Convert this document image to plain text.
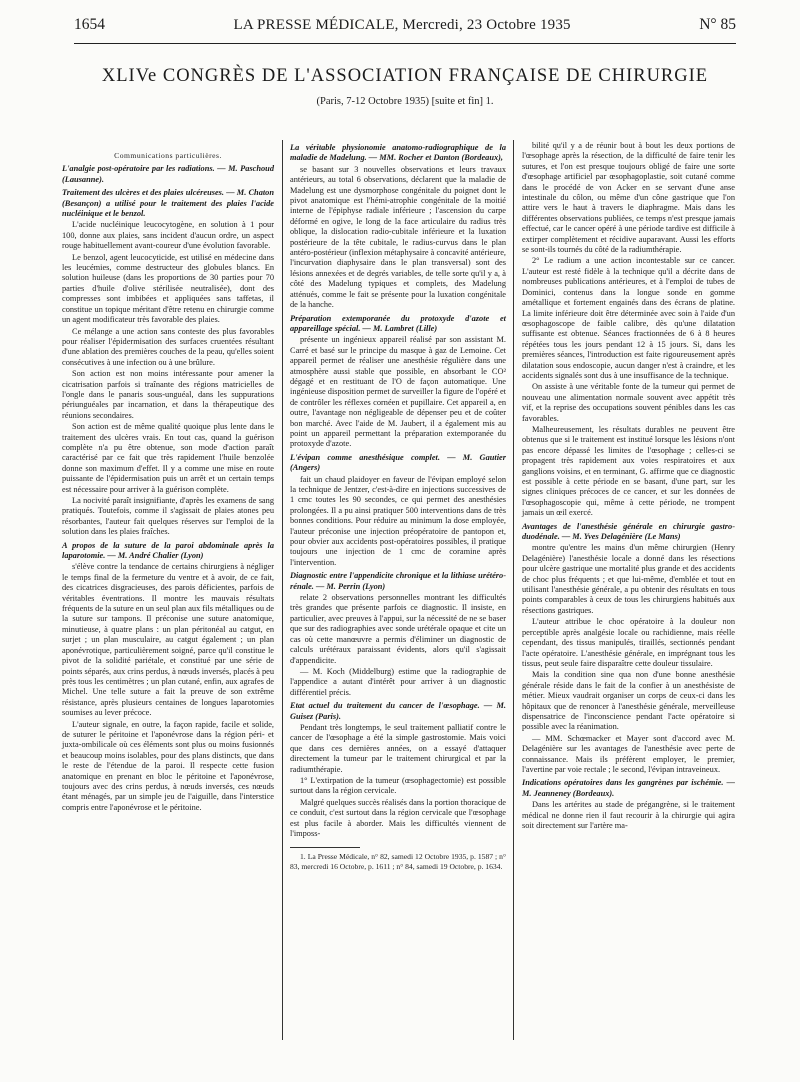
1654	LA PRESSE MÉDICALE, Mercredi, 23 Octobre 1935	N° 85
XLIVe CONGRÈS DE L'ASSOCIATION FRANÇAISE DE CHIRURGIE
(Paris, 7-12 Octobre 1935) [suite et fin] 1.

Communications particulières.

L'analgie post-opératoire par les radiations. — M. Paschoud (Lausanne).

Traitement des ulcères et des plaies ulcéreuses. — M. Chaton (Besançon) a utilisé pour le traitement des plaies l'acide nucléinique et le benzol.

L'acide nucléinique leucocytogène, en solution à 1 pour 100, donne aux plaies, sans incident d'aucun ordre, un aspect rouge habituellement avant-coureur d'une évolution favorable.

Le benzol, agent leucocyticide, est utilisé en médecine dans les leucémies, comme destructeur des globules blancs. En solution huileuse (dans les proportions de 30 parties pour 70 parties d'huile d'olive stérilisée neutralisée), dont des compresses sont imbibées et appliquées sans taffetas, il constitue un topique méritant d'être retenu en chirurgie comme un agent modificateur très favorable des plaies.

Ce mélange a une action sans conteste des plus favorables pour réaliser l'épidermisation des surfaces cruentées résultant d'une ablation des premières couches de la peau, qu'elles soient consécutives à une infection ou à une brûlure.

Son action est non moins intéressante pour amener la cicatrisation parfois si traînante des régions matricielles de l'ongle dans le panaris sous-unguéal, dans les suppurations périunguéales par incarnation, et dans la thérapeutique des réunions secondaires.

Son action est de même qualité quoique plus lente dans le traitement des ulcères vrais. En tout cas, quand la guérison complète n'a pu être obtenue, son mode d'action paraît caractérisé par ce fait que très rapidement l'huile benzolée donne son maximum d'effet. Il y a comme une mise en route puissante de l'épidermisation puis un arrêt et un certain temps est nécessaire pour arriver à la guérison complète.

La nocivité paraît insignifiante, d'après les examens de sang pratiqués. Toutefois, comme il s'agissait de plaies atones peu résorbantes, l'auteur fait quelques réserves sur l'emploi de la solution dans les plaies fraîches.

A propos de la suture de la paroi abdominale après la laparotomie. — M. André Chalier (Lyon)

s'élève contre la tendance de certains chirurgiens à négliger le temps final de la fermeture du ventre et à avoir, de ce fait, des cicatrices disgracieuses, des parois déficientes, parfois de véritables éventrations. Il montre les mauvais résultats fréquents de la suture en un seul plan aux fils métalliques ou de la suture sur tampons. Il préconise une suture anatomique, minutieuse, à quatre plans : un plan péritonéal au catgut, en surjet ; un plan musculaire, au catgut également ; un plan aponévrotique, particulièrement soigné, parce qu'il constitue le pivot de la solidité pariétale, et constitué par une série de points séparés, aux crins perdus, à nœuds inversés, placés à peu près tous les centimètres ; un plan cutané, enfin, aux agrafes de Michel. Une telle suture a fait la preuve de son extrême résistance, après plusieurs centaines de longues laparotomies soumises au lever précoce.

L'auteur signale, en outre, la façon rapide, facile et solide, de suturer le péritoine et l'aponévrose dans la région péri- et juxta-ombilicale où ces éléments sont plus ou moins fusionnés et beaucoup moins isolables, pour des plans distincts, que dans le reste de l'étendue de la paroi. Il respecte cette fusion anatomique en prenant en bloc le péritoine et l'aponévrose, toujours avec des crins perdus, à nœuds inversés, ces nœuds étant ménagés, par un simple jeu de l'aiguille, dans l'interstice compris entre l'aponévrose et le péritoine.

La véritable physionomie anatomo-radiographique de la maladie de Madelung. — MM. Rocher et Danton (Bordeaux),

se basant sur 3 nouvelles observations et leurs travaux antérieurs, au total 6 observations, déclarent que la maladie de Madelung est une dysmorphose congénitale du poignet dont le pivot anatomique est l'hémi-atrophie congénitale de la moitié interne de l'épiphyse radiale inférieure ; l'ascension du carpe déformé en ogive, le long de la face articulaire du radius très oblique, la dislocation radio-cubitale inférieure et la luxation postérieure de la tête cubitale, le radius-curvus dans le plan antéro-postérieur (inflexion métaphysaire à concavité antérieure, l'incurvation diaphysaire dans le plan transversal) sont des lésions annexées et de degrés variables, de telle sorte qu'il y a, à côté des Madelung typiques et complets, des Madelung atténués, comme le fait se présente pour la luxation congénitale de la hanche.

Préparation extemporanée du protoxyde d'azote et appareillage spécial. — M. Lambret (Lille)

présente un ingénieux appareil réalisé par son assistant M. Carré et basé sur le principe du masque à gaz de Lemoine. Cet appareil permet de réaliser une anesthésie régulière dans une atmosphère aussi stable que possible, en absorbant le CO² dégagé et en restituant de l'O de façon automatique. Une ingénieuse disposition permet de surveiller la figure de l'opéré et de contrôler les réflexes cornéen et pupillaire. Cet appareil a, en outre, l'avantage non négligeable de dépenser peu et de coûter bon marché. Avec l'aide de M. Jaubert, il a également mis au point un appareil permettant la préparation extemporanée du protoxyde d'azote.

L'évipan comme anesthésique complet. — M. Gautier (Angers)

fait un chaud plaidoyer en faveur de l'évipan employé selon la technique de Jentzer, c'est-à-dire en injections successives de 1 cmc toutes les 90 secondes, ce qui permet des anesthésies prolongées. Il a pu ainsi pratiquer 500 interventions dans de très bonnes conditions. Pour réduire au minimum la dose employée, l'auteur préconise une injection préopératoire de pantopon et, pour obvier aux accidents post-opératoires possibles, il pratique toujours une injection de 1 cmc de coramine après l'intervention.

Diagnostic entre l'appendicite chronique et la lithiase urétéro-rénale. — M. Perrin (Lyon)

relate 2 observations personnelles montrant les difficultés très grandes que présente parfois ce diagnostic. Il insiste, en particulier, avec preuves à l'appui, sur la nécessité de ne se baser que sur des radiographies avec sonde urétérale opaque et cite un cas où cette manœuvre a permis d'éliminer un diagnostic de calculs urétéraux paraissant évidents, alors qu'il s'agissait d'appendicite.

— M. Koch (Middelburg) estime que la radiographie de l'appendice a autant d'intérêt pour arriver à un diagnostic différentiel précis.

Etat actuel du traitement du cancer de l'œsophage. — M. Guisez (Paris).

Pendant très longtemps, le seul traitement palliatif contre le cancer de l'œsophage a été la simple gastrostomie. Mais voici que dans ces dernières années, on a essayé d'attaquer directement la tumeur par le traitement chirurgical et par la radiumthérapie.

1° L'extirpation de la tumeur (œsophagectomie) est possible surtout dans la région cervicale.

Malgré quelques succès réalisés dans la portion thoracique de ce conduit, c'est surtout dans la région cervicale que l'œsophage est plus facile à aborder. Mais les difficultés viennent de l'imposs-

1. La Presse Médicale, n° 82, samedi 12 Octobre 1935, p. 1587 ; n° 83, mercredi 16 Octobre, p. 1611 ; n° 84, samedi 19 Octobre, p. 1634.

bilité qu'il y a de réunir bout à bout les deux portions de l'œsophage après la résection, de la difficulté de faire tenir les sutures, et l'on est presque toujours obligé de faire une sorte d'œsophage artificiel par œsophagoplastie, soit cutané comme dans le procédé de von Acker en se servant d'une anse intestinale du côlon, ou même d'un cône gastrique que l'on attire vers le haut à travers le diaphragme. Mais dans les différentes observations publiées, ce temps n'est presque jamais effectué, car le cancer opéré à une période tardive est difficile à extirper complètement et récidive auparavant. Aussi les efforts se sont-ils tournés du côté de la radiumthérapie.

2° Le radium a une action incontestable sur ce cancer. L'auteur est resté fidèle à la technique qu'il a décrite dans de nombreuses publications antérieures, et à l'emploi de tubes de Dominici, contenus dans la longue sonde en gomme amétallique et fortement engainés dans des écrans de platine. La limite inférieure doit être déterminée avec soin à l'aide d'un œsophagoscope de faible calibre, dès qu'une dilatation suffisante est obtenue. Séances fractionnées de 6 à 8 heures répétées tous les jours pendant 12 à 15 jours. Si, dans les premières séances, l'introduction est faite rigoureusement après dilatation sous endoscopie, aucun danger n'est à craindre, et les accidents signalés sont dus à une insuffisance de la technique.

On assiste à une véritable fonte de la tumeur qui permet de nouveau une alimentation normale souvent avec appétit très vif, et la reprise des occupations souvent pénibles dans les cas favorables.

Malheureusement, les résultats durables ne peuvent être obtenus que si le traitement est institué lorsque les lésions n'ont pas encore dépassé les limites de l'œsophage ; celles-ci se propagent très rapidement aux voies respiratoires et aux ganglions voisins, et en terminant, G. affirme que ce diagnostic est possible à cette période en se basant, d'une part, sur les signes cliniques précoces de ce cancer, et sur les données de l'œsophagoscopie qui, même à cette période, ne trompent jamais un œil exercé.

Avantages de l'anesthésie générale en chirurgie gastro-duodénale. — M. Yves Delagénière (Le Mans)

montre qu'entre les mains d'un même chirurgien (Henry Delagénière) l'anesthésie locale a donné dans les résections pour ulcère gastrique une mortalité plus grande et des accidents de choc plus fréquents ; et que lui-même, d'emblée et tout en utilisant l'anesthésie générale, a pu obtenir des résultats en tous points comparables à ceux de tous les chirurgiens habitués aux résections gastriques.

L'auteur attribue le choc opératoire à la douleur non perceptible après analgésie locale ou rachidienne, mais réelle cependant, des tissus manipulés, tiraillés, sectionnés pendant l'acte opératoire. L'anesthésie générale, en imprégnant tous les tissus, peut seule faire disparaître cette douleur tissulaire.

Mais la condition sine qua non d'une bonne anesthésie générale réside dans le fait de la confier à un anesthésiste de métier. Mieux vaudrait organiser un corps de ceux-ci dans les hôpitaux que de renoncer à l'anesthésie générale, merveilleuse dispensatrice de l'inconscience pendant l'acte opératoire si possible avec la réanimation.

— MM. Schœmacker et Mayer sont d'accord avec M. Delagénière sur les avantages de l'anesthésie avec perte de connaissance. Mais ils préfèrent employer, le premier, l'avertine par voie rectale ; le second, l'évipan intraveineux.

Indications opératoires dans les gangrènes par ischémie. — M. Jeanneney (Bordeaux).

Dans les artérites au stade de prégangrène, si le traitement médical ne donne rien il faut recourir à la chirurgie qui agira soit directement sur l'artère ma-
